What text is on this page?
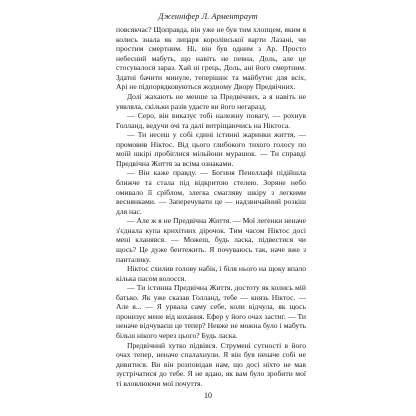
Дженніфер Л. Арментраут

повсякчас? Щоправда, він уже не був тим хлопцем, яким я колись знала як лицаря королівської варти Лазані, чи простим смертним. Ні, він був одним з Ар. Просто небесний мабуть, що навіть не певна, Доль, але це стосувалося зараз. Хай ні грець, Доль, ані його смертним. Здатні бачити минуле, теперішнє та майбутнє для всіх, Арі не підпорядковуються жодному Двору Предвічних.

Долі жахають не менше за Предвічних, а я навіть не уявляла, скільки разів удаєте ви його негаразд.

— Серо, він виказує тобі належну повагу, — рохнув Голланд, ведучи очі та далі витріщаючись на Ніктоса.

— Ти несеш у собі єдині істинні жаринки життя, — промовив Ніктос. Від цього глибокого тихого голосу по моїй шкірі пробіглися мільйони мурашок. — Ти справді Предвічна Життя за всіма ознаками.

— Він каже правду. — Богиня Пенеллафі підійшла ближче та стала під відкритою стелею. Зоряне небо омивало її сріблом, злегка смагляву шкіру з легкими веснянками. — Заперечувати це — надзвичайний розкіш для нас.

— Але ж я не Предвічна Життя. — Мої легенки неначе з'єднала купа крихітних дірочок. Тим часом Ніктос досі мені кланявся. — Можеш, будь ласка, підвестися чи щось? Це дуже бентежить. Я почуваюсь так, наче вже з панталику.

Ніктос схилив голову набік, і біля нього на щоку впало кілька пасом волосся.

— Ти істинна Предвічна Життя, достоту як колись мій батько. Як уже сказав Голланд, тебе — князь Ніктос. — Але я... — Я урвала саму себе, коли відчула, як щось пронизує мене від кохання. Ефер у його очах застиг. — Ти неначе відчуваєш це тепер? Невже не можна було і мабуть більш нікого через цього? Будь ласка.

Предвічний хутко підвівся. Струмені сутності в його очах тепер, неначе спалахнули. Я він був неначе собі не дивитися. Ви він розповідав нам, що досі ніхто не мав зустрічатися до тебе. Я не вдаю, як вам було зробити мої ті вловлюючи мої почуття.

10
